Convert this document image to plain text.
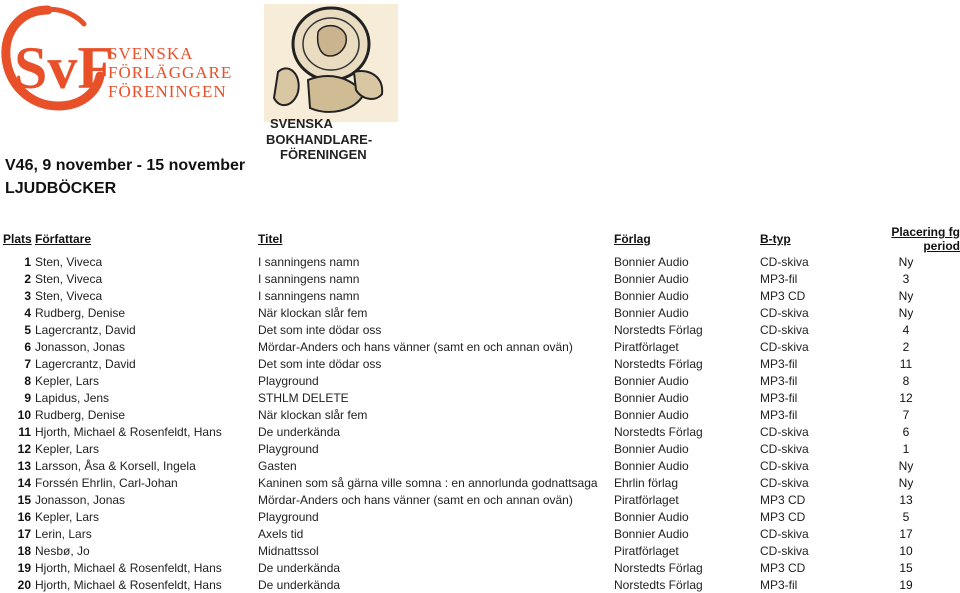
SvF
SVENSKA
FÖRLÄGGARE
FÖRENINGEN
SVENSKA
BOKHANDLARE-
FÖRENINGEN
V46, 9 november - 15 november
LJUDBÖCKER
Plats	Författare	Titel	Förlag	B-typ	Placering fg period
1	Sten, Viveca	I sanningens namn	Bonnier Audio	CD-skiva	Ny
2	Sten, Viveca	I sanningens namn	Bonnier Audio	MP3-fil	3
3	Sten, Viveca	I sanningens namn	Bonnier Audio	MP3 CD	Ny
4	Rudberg, Denise	När klockan slår fem	Bonnier Audio	CD-skiva	Ny
5	Lagercrantz, David	Det som inte dödar oss	Norstedts Förlag	CD-skiva	4
6	Jonasson, Jonas	Mördar-Anders och hans vänner (samt en och annan ovän)	Piratförlaget	CD-skiva	2
7	Lagercrantz, David	Det som inte dödar oss	Norstedts Förlag	MP3-fil	11
8	Kepler, Lars	Playground	Bonnier Audio	MP3-fil	8
9	Lapidus, Jens	STHLM DELETE	Bonnier Audio	MP3-fil	12
10	Rudberg, Denise	När klockan slår fem	Bonnier Audio	MP3-fil	7
11	Hjorth, Michael & Rosenfeldt, Hans	De underkända	Norstedts Förlag	CD-skiva	6
12	Kepler, Lars	Playground	Bonnier Audio	CD-skiva	1
13	Larsson, Åsa & Korsell, Ingela	Gasten	Bonnier Audio	CD-skiva	Ny
14	Forssén Ehrlin, Carl-Johan	Kaninen som så gärna ville somna : en annorlunda godnattsaga	Ehrlin förlag	CD-skiva	Ny
15	Jonasson, Jonas	Mördar-Anders och hans vänner (samt en och annan ovän)	Piratförlaget	MP3 CD	13
16	Kepler, Lars	Playground	Bonnier Audio	MP3 CD	5
17	Lerin, Lars	Axels tid	Bonnier Audio	CD-skiva	17
18	Nesbø, Jo	Midnattssol	Piratförlaget	CD-skiva	10
19	Hjorth, Michael & Rosenfeldt, Hans	De underkända	Norstedts Förlag	MP3 CD	15
20	Hjorth, Michael & Rosenfeldt, Hans	De underkända	Norstedts Förlag	MP3-fil	19
